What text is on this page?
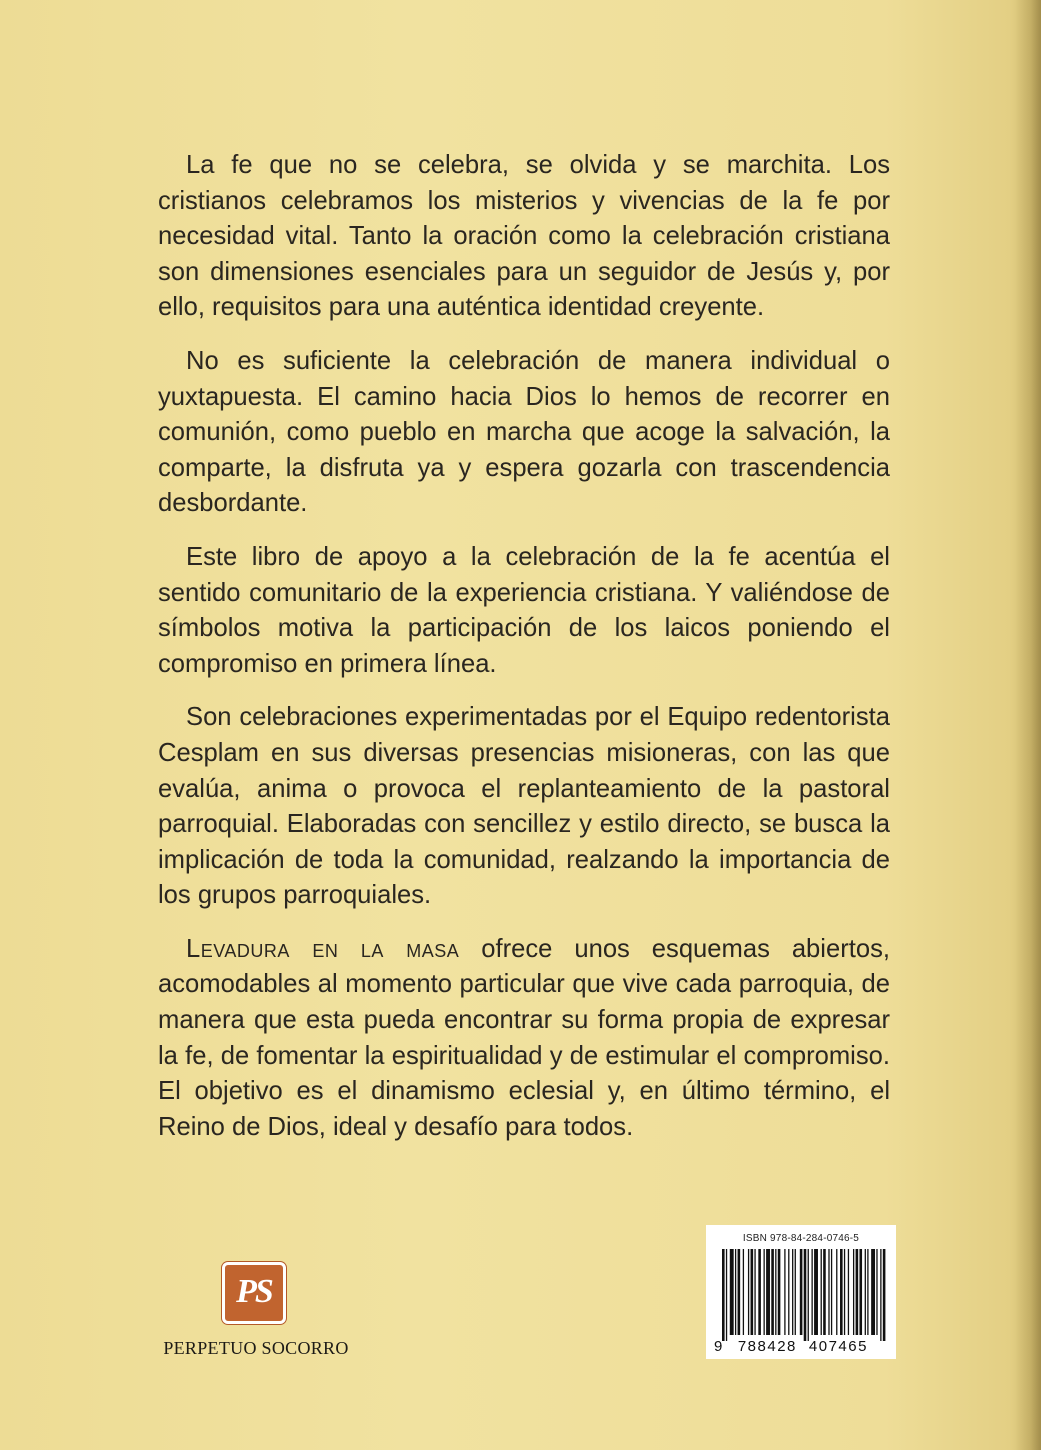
La fe que no se celebra, se olvida y se marchita. Los cristianos celebramos los misterios y vivencias de la fe por necesidad vital. Tanto la oración como la celebración cristiana son dimensiones esenciales para un seguidor de Jesús y, por ello, requisitos para una auténtica identidad creyente.

No es suficiente la celebración de manera individual o yuxtapuesta. El camino hacia Dios lo hemos de recorrer en comunión, como pueblo en marcha que acoge la salvación, la comparte, la disfruta ya y espera gozarla con trascendencia desbordante.

Este libro de apoyo a la celebración de la fe acentúa el sentido comunitario de la experiencia cristiana. Y valiéndose de símbolos motiva la participación de los laicos poniendo el compromiso en primera línea.

Son celebraciones experimentadas por el Equipo redentorista Cesplam en sus diversas presencias misioneras, con las que evalúa, anima o provoca el replanteamiento de la pastoral parroquial. Elaboradas con sencillez y estilo directo, se busca la implicación de toda la comunidad, realzando la importancia de los grupos parroquiales.

Levadura en la masa ofrece unos esquemas abiertos, acomodables al momento particular que vive cada parroquia, de manera que esta pueda encontrar su forma propia de expresar la fe, de fomentar la espiritualidad y de estimular el compromiso. El objetivo es el dinamismo eclesial y, en último término, el Reino de Dios, ideal y desafío para todos.

PS
PERPETUO SOCORRO
ISBN 978-84-284-0746-5
9 788428 407465
